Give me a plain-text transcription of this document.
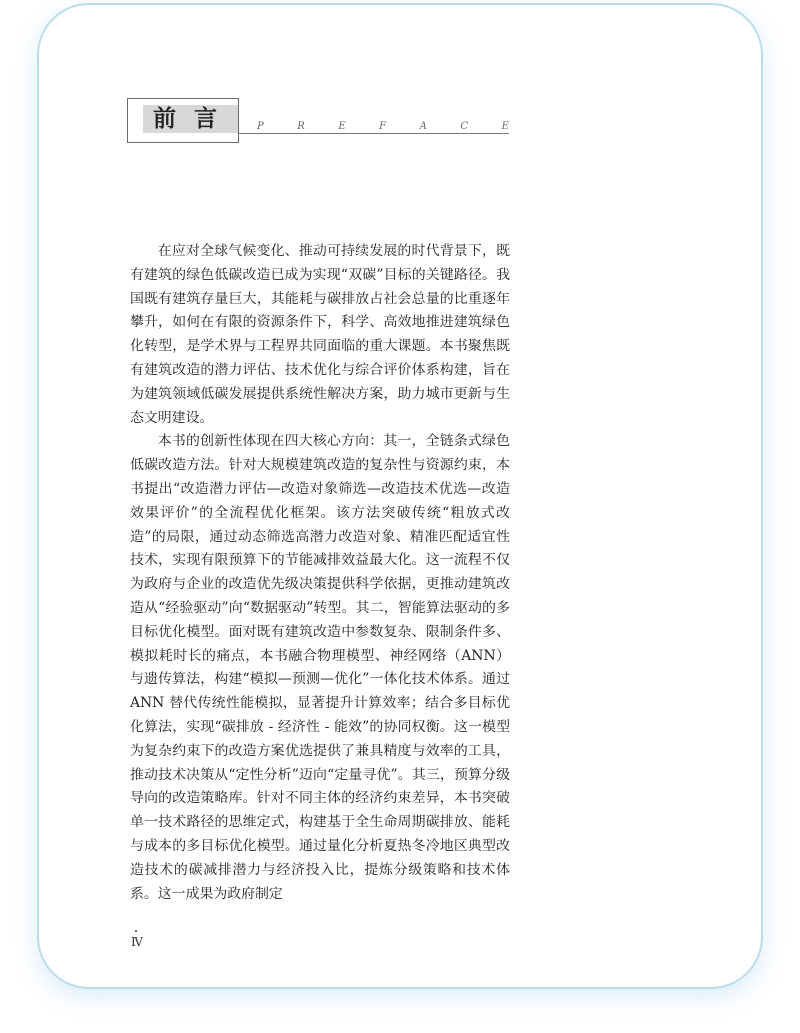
前言 P	R	E	F	A	C	E

在应对全球气候变化、推动可持续发展的时代背景下，既有建筑的绿色低碳改造已成为实现“双碳”目标的关键路径。我国既有建筑存量巨大，其能耗与碳排放占社会总量的比重逐年攀升，如何在有限的资源条件下，科学、高效地推进建筑绿色化转型，是学术界与工程界共同面临的重大课题。本书聚焦既有建筑改造的潜力评估、技术优化与综合评价体系构建，旨在为建筑领域低碳发展提供系统性解决方案，助力城市更新与生态文明建设。

本书的创新性体现在四大核心方向：其一，全链条式绿色低碳改造方法。针对大规模建筑改造的复杂性与资源约束，本书提出“改造潜力评估—改造对象筛选—改造技术优选—改造效果评价”的全流程优化框架。该方法突破传统“粗放式改造”的局限，通过动态筛选高潜力改造对象、精准匹配适宜性技术，实现有限预算下的节能减排效益最大化。这一流程不仅为政府与企业的改造优先级决策提供科学依据，更推动建筑改造从“经验驱动”向“数据驱动”转型。其二，智能算法驱动的多目标优化模型。面对既有建筑改造中参数复杂、限制条件多、模拟耗时长的痛点，本书融合物理模型、神经网络（ANN）与遗传算法，构建“模拟—预测—优化”一体化技术体系。通过 ANN 替代传统性能模拟，显著提升计算效率；结合多目标优化算法，实现“碳排放 - 经济性 - 能效”的协同权衡。这一模型为复杂约束下的改造方案优选提供了兼具精度与效率的工具，推动技术决策从“定性分析”迈向“定量寻优”。其三，预算分级导向的改造策略库。针对不同主体的经济约束差异，本书突破单一技术路径的思维定式，构建基于全生命周期碳排放、能耗与成本的多目标优化模型。通过量化分析夏热冬冷地区典型改造技术的碳减排潜力与经济投入比，提炼分级策略和技术体系。这一成果为政府制定

Ⅳ
